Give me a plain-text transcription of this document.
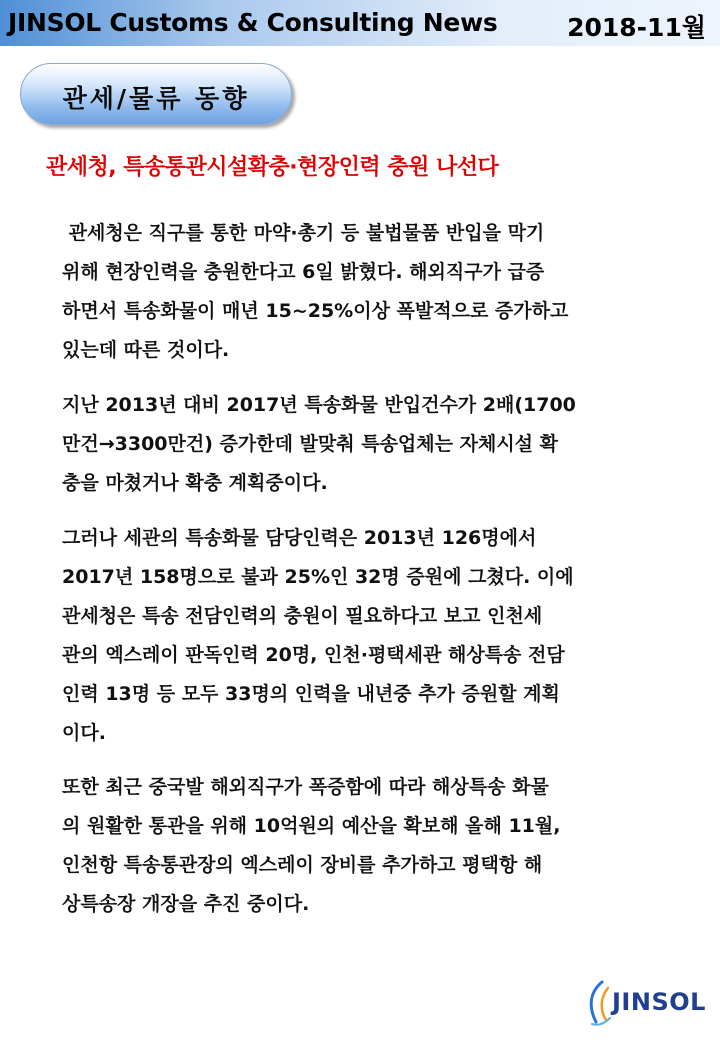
JINSOL Customs & Consulting News	2018-11월
관세/물류 동향
관세청, 특송통관시설확충·현장인력 충원 나선다
관세청은 직구를 통한 마약·총기 등 불법물품 반입을 막기
위해 현장인력을 충원한다고 6일 밝혔다. 해외직구가 급증
하면서 특송화물이 매년 15~25%이상 폭발적으로 증가하고
있는데 따른 것이다.
지난 2013년 대비 2017년 특송화물 반입건수가 2배(1700
만건→3300만건) 증가한데 발맞춰 특송업체는 자체시설 확
충을 마쳤거나 확충 계획중이다.
그러나 세관의 특송화물 담당인력은 2013년 126명에서
2017년 158명으로 불과 25%인 32명 증원에 그쳤다. 이에
관세청은 특송 전담인력의 충원이 필요하다고 보고 인천세
관의 엑스레이 판독인력 20명, 인천·평택세관 해상특송 전담
인력 13명 등 모두 33명의 인력을 내년중 추가 증원할 계획
이다.
또한 최근 중국발 해외직구가 폭증함에 따라 해상특송 화물
의 원활한 통관을 위해 10억원의 예산을 확보해 올해 11월,
인천항 특송통관장의 엑스레이 장비를 추가하고 평택항 해
상특송장 개장을 추진 중이다.
JINSOL
